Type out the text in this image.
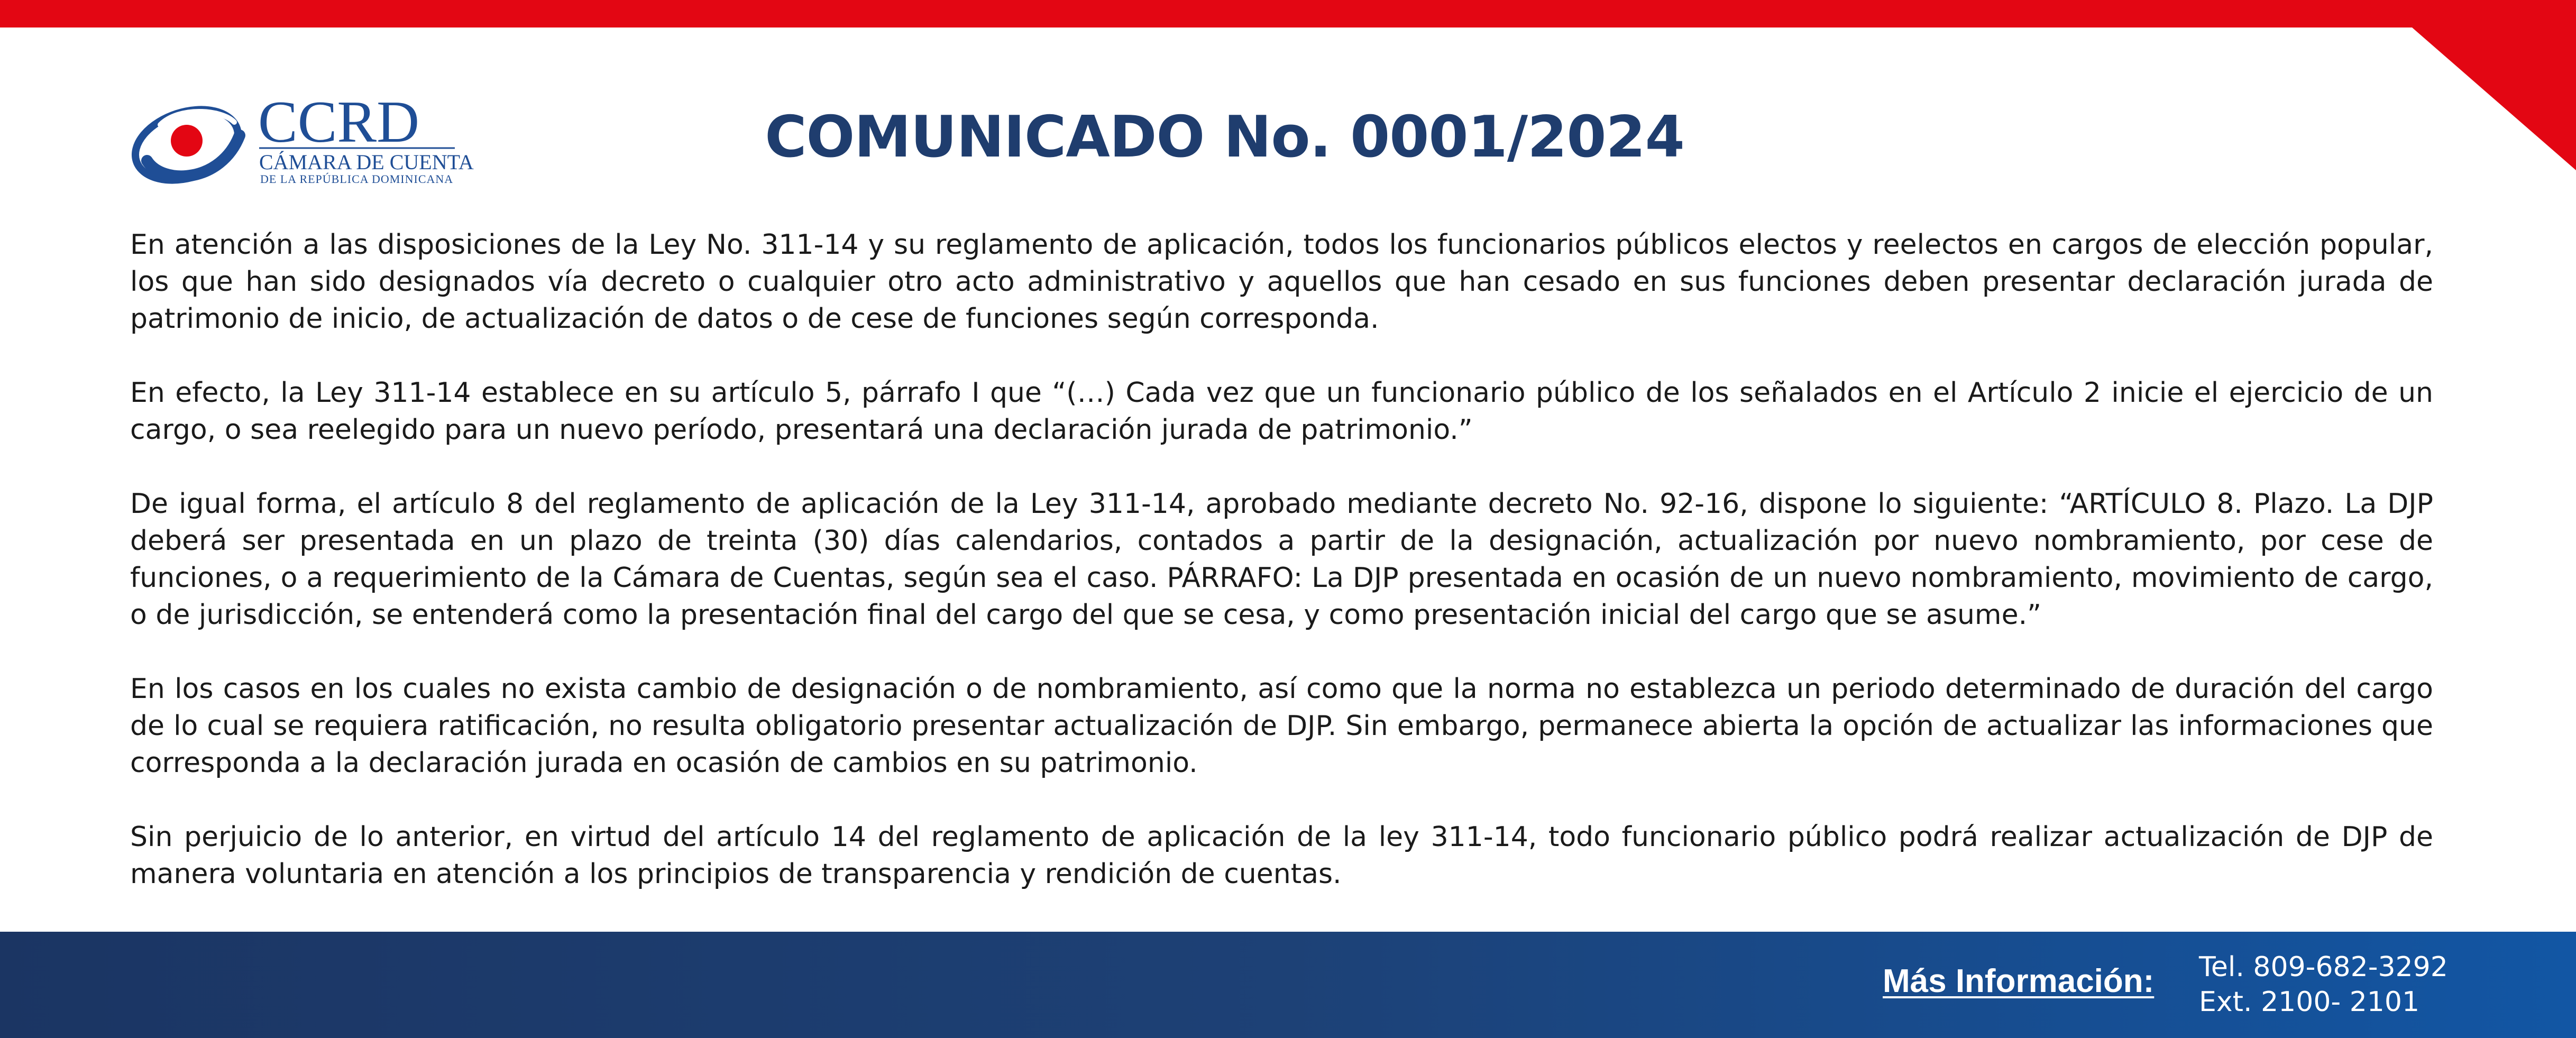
CCRD
CÁMARA DE CUENTAS
DE LA REPÚBLICA DOMINICANA
COMUNICADO No. 0001/2024

En atención a las disposiciones de la Ley No. 311-14 y su reglamento de aplicación, todos los funcionarios públicos electos y reelectos en cargos de elección popular, los que han sido designados vía decreto o cualquier otro acto administrativo y aquellos que han cesado en sus funciones deben presentar declaración jurada de patrimonio de inicio, de actualización de datos o de cese de funciones según corresponda.

En efecto, la Ley 311-14 establece en su artículo 5, párrafo I que “(…) Cada vez que un funcionario público de los señalados en el Artículo 2 inicie el ejercicio de un cargo, o sea reelegido para un nuevo período, presentará una declaración jurada de patrimonio.”

De igual forma, el artículo 8 del reglamento de aplicación de la Ley 311-14, aprobado mediante decreto No. 92-16, dispone lo siguiente: “ARTÍCULO 8. Plazo. La DJP deberá ser presentada en un plazo de treinta (30) días calendarios, contados a partir de la designación, actualización por nuevo nombramiento, por cese de funciones, o a requerimiento de la Cámara de Cuentas, según sea el caso. PÁRRAFO: La DJP presentada en ocasión de un nuevo nombramiento, movimiento de cargo, o de jurisdicción, se entenderá como la presentación final del cargo del que se cesa, y como presentación inicial del cargo que se asume.”

En los casos en los cuales no exista cambio de designación o de nombramiento, así como que la norma no establezca un periodo determinado de duración del cargo de lo cual se requiera ratificación, no resulta obligatorio presentar actualización de DJP. Sin embargo, permanece abierta la opción de actualizar las informaciones que corresponda a la declaración jurada en ocasión de cambios en su patrimonio.

Sin perjuicio de lo anterior, en virtud del artículo 14 del reglamento de aplicación de la ley 311-14, todo funcionario público podrá realizar actualización de DJP de manera voluntaria en atención a los principios de transparencia y rendición de cuentas.

Más Información: Tel. 809-682-3292
Ext. 2100- 2101
